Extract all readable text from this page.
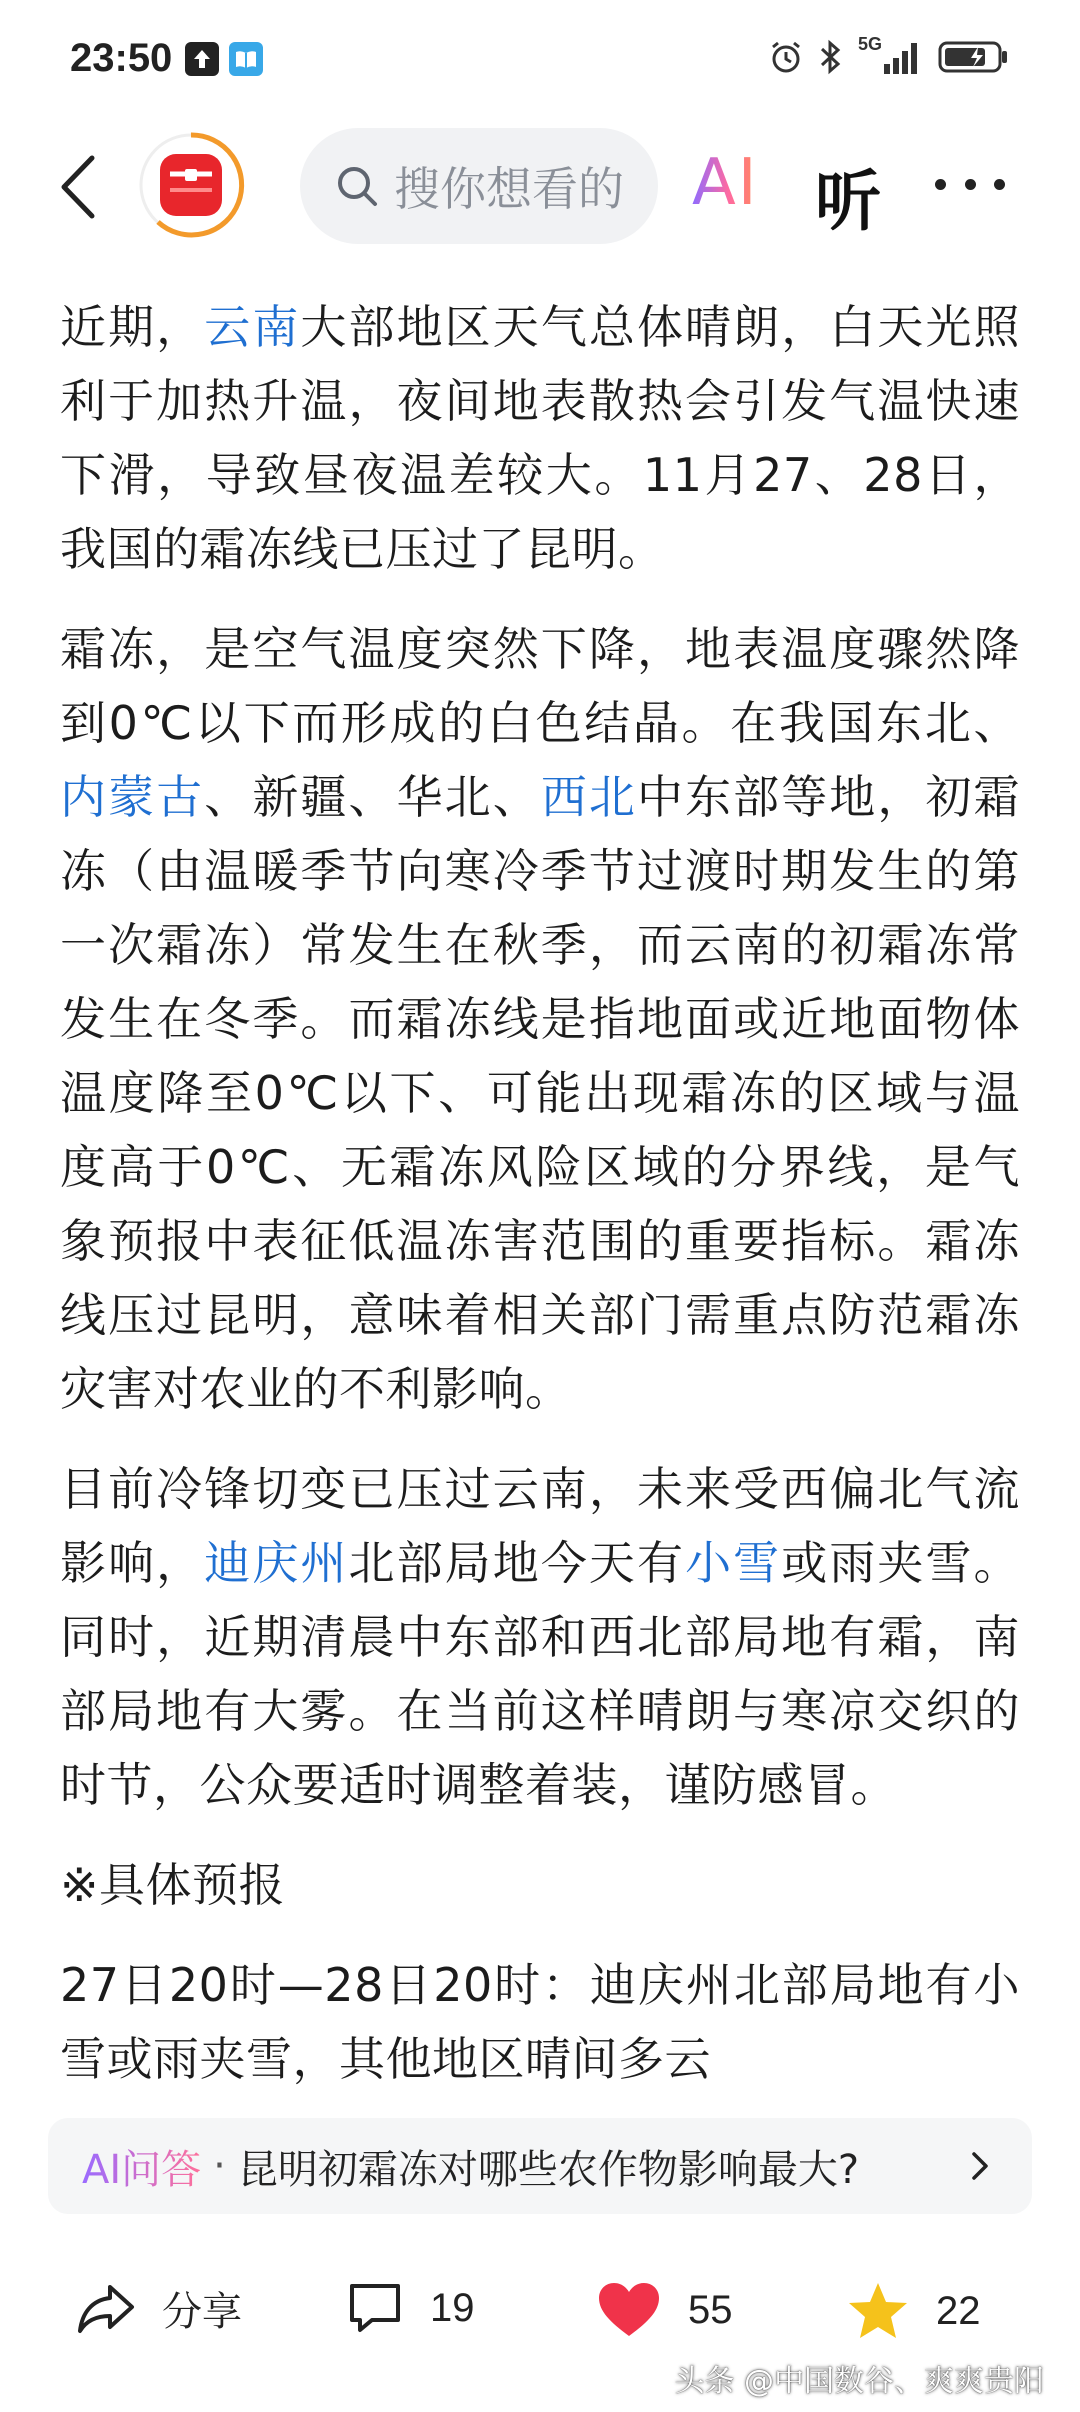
23:50	5G
搜你想看的 AI 听

近期，云南大部地区天气总体晴朗，白天光照利于加热升温，夜间地表散热会引发气温快速下滑，导致昼夜温差较大。11月27、28日，我国的霜冻线已压过了昆明。

霜冻，是空气温度突然下降，地表温度骤然降到0℃以下而形成的白色结晶。在我国东北、内蒙古、新疆、华北、西北中东部等地，初霜冻（由温暖季节向寒冷季节过渡时期发生的第一次霜冻）常发生在秋季，而云南的初霜冻常发生在冬季。而霜冻线是指地面或近地面物体温度降至0℃以下、可能出现霜冻的区域与温度高于0℃、无霜冻风险区域的分界线，是气象预报中表征低温冻害范围的重要指标。霜冻线压过昆明，意味着相关部门需重点防范霜冻灾害对农业的不利影响。

目前冷锋切变已压过云南，未来受西偏北气流影响，迪庆州北部局地今天有小雪或雨夹雪。同时，近期清晨中东部和西北部局地有霜，南部局地有大雾。在当前这样晴朗与寒凉交织的时节，公众要适时调整着装，谨防感冒。

※具体预报

27日20时—28日20时：迪庆州北部局地有小雪或雨夹雪，其他地区晴间多云

AI问答 · 昆明初霜冻对哪些农作物影响最大?
分享	19	55	22
头条 @中国数谷、爽爽贵阳
